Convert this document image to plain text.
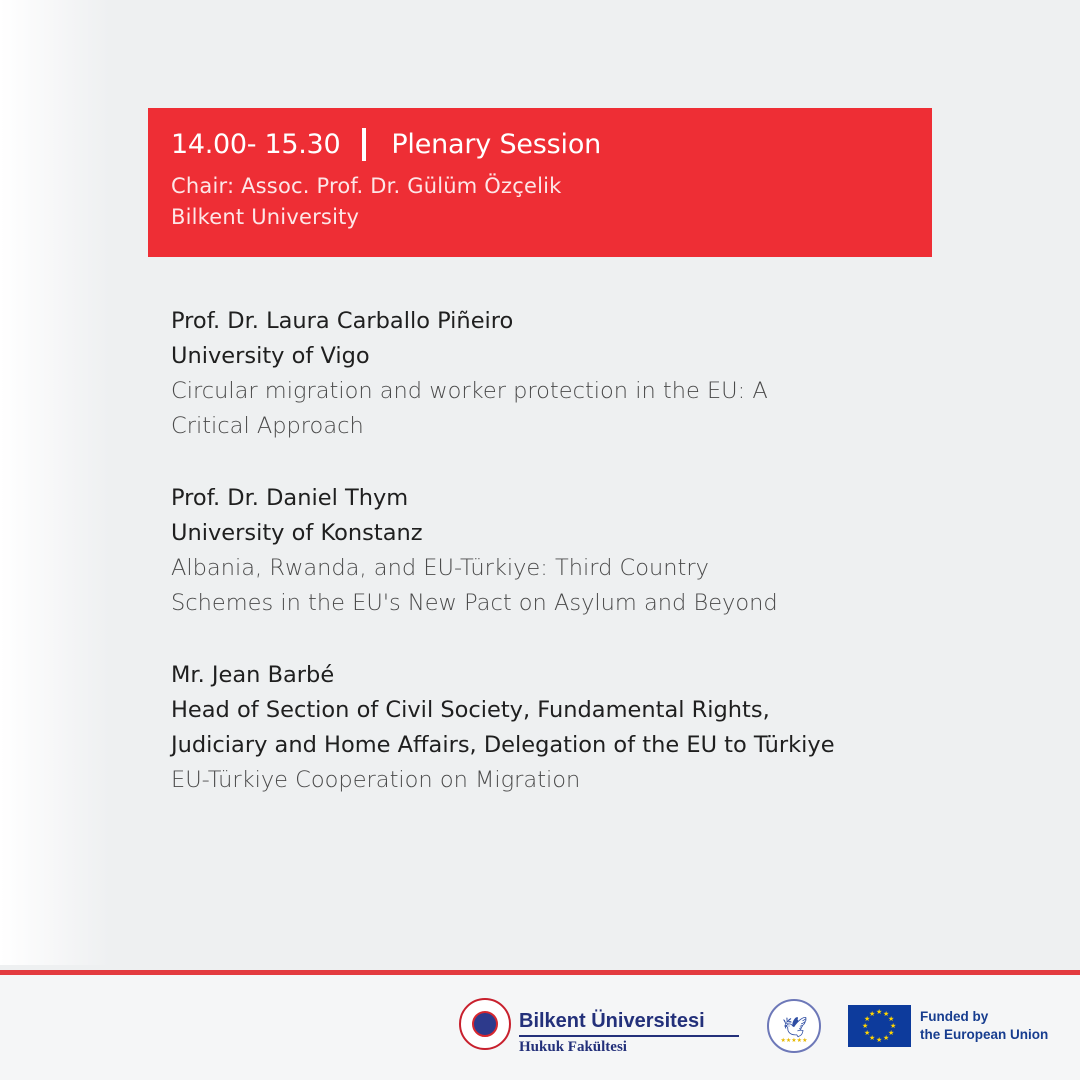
14.00- 15.30 Plenary Session
Chair: Assoc. Prof. Dr. Gülüm Özçelik
Bilkent University
Prof. Dr. Laura Carballo Piñeiro
University of Vigo
Circular migration and worker protection in the EU: A
Critical Approach
Prof. Dr. Daniel Thym
University of Konstanz
Albania, Rwanda, and EU-Türkiye: Third Country
Schemes in the EU's New Pact on Asylum and Beyond
Mr. Jean Barbé
Head of Section of Civil Society, Fundamental Rights,
Judiciary and Home Affairs, Delegation of the EU to Türkiye
EU-Türkiye Cooperation on Migration
Bilkent Üniversitesi
Hukuk Fakültesi
🕊
★★★★★
★ ★
★
★
★
★
★
★
★
★
★
★	Funded by
the European Union
